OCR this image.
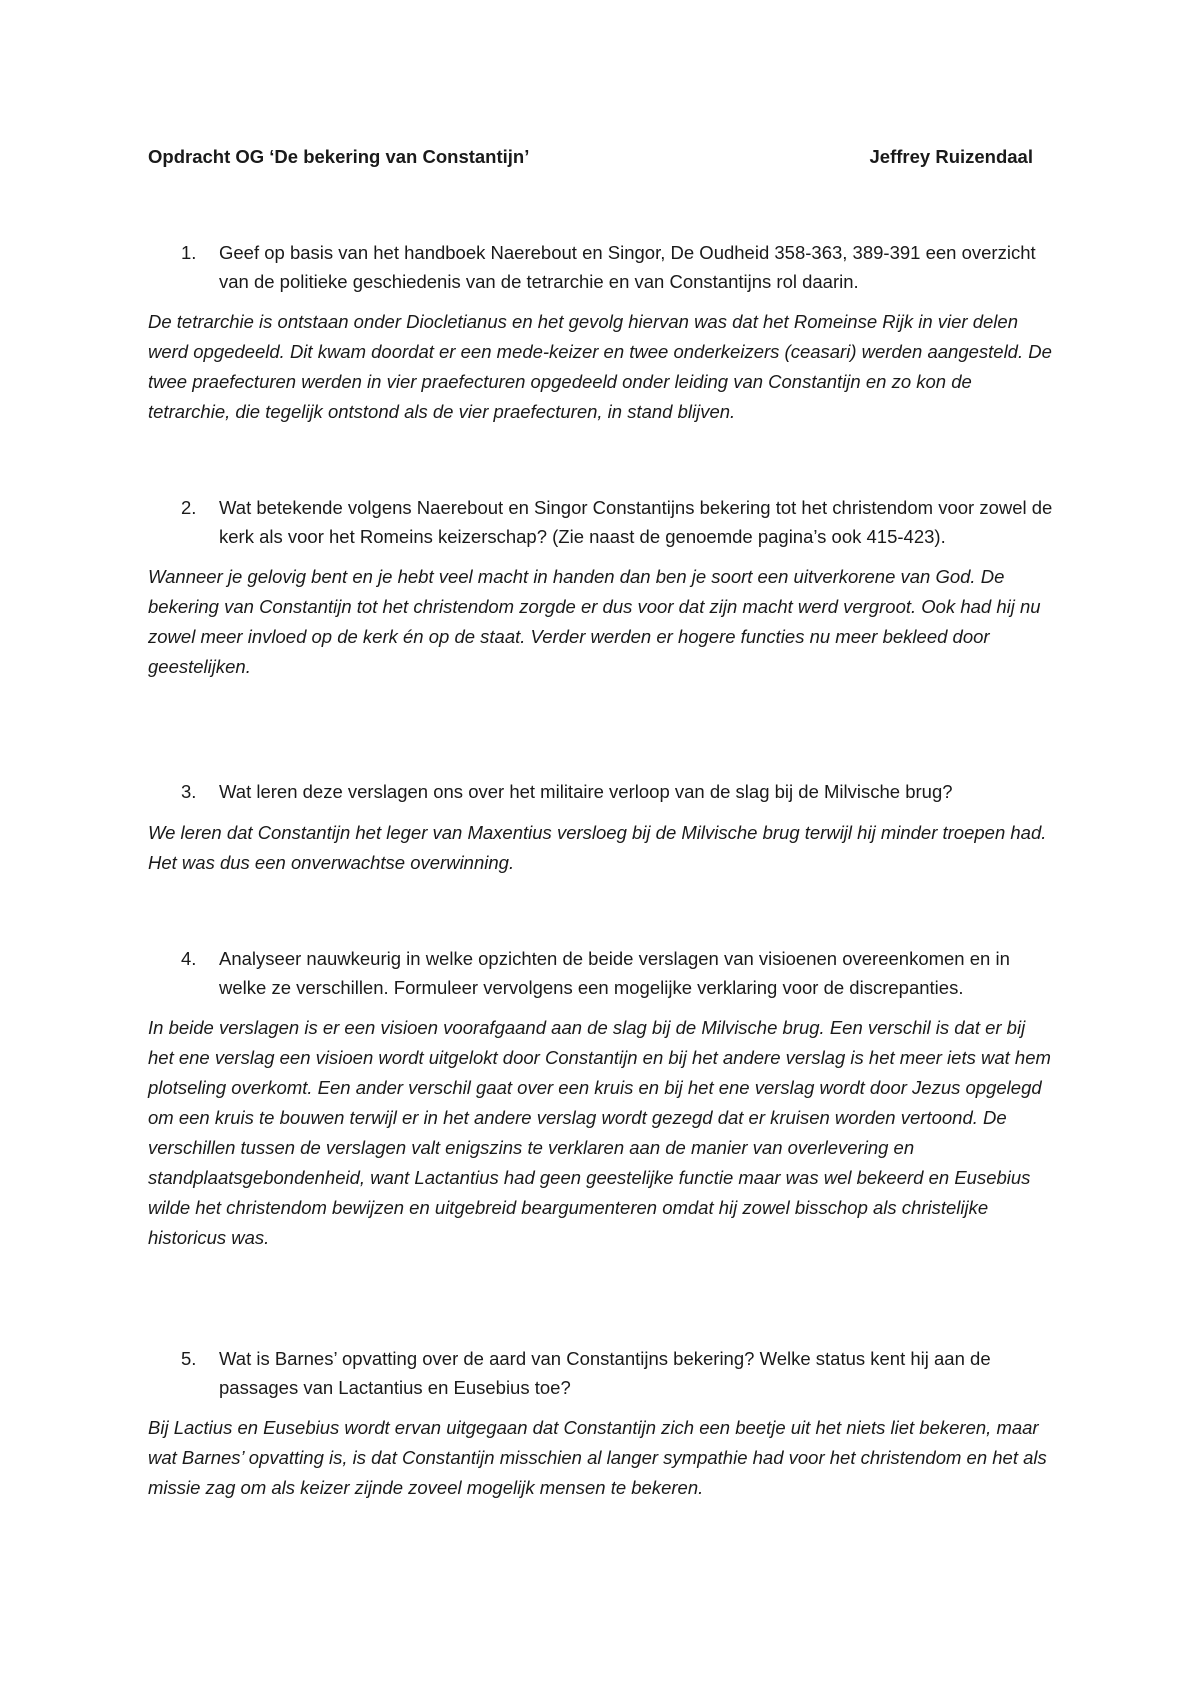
Opdracht OG ‘De bekering van Constantijn’	Jeffrey Ruizendaal
1. Geef op basis van het handboek Naerebout en Singor, De Oudheid 358-363, 389-391 een overzicht van de politieke geschiedenis van de tetrarchie en van Constantijns rol daarin.
De tetrarchie is ontstaan onder Diocletianus en het gevolg hiervan was dat het Romeinse Rijk in vier delen werd opgedeeld. Dit kwam doordat er een mede-keizer en twee onderkeizers (ceasari) werden aangesteld. De twee praefecturen werden in vier praefecturen opgedeeld onder leiding van Constantijn en zo kon de tetrarchie, die tegelijk ontstond als de vier praefecturen, in stand blijven.
2. Wat betekende volgens Naerebout en Singor Constantijns bekering tot het christendom voor zowel de kerk als voor het Romeins keizerschap? (Zie naast de genoemde pagina’s ook 415-423).
Wanneer je gelovig bent en je hebt veel macht in handen dan ben je soort een uitverkorene van God. De bekering van Constantijn tot het christendom zorgde er dus voor dat zijn macht werd vergroot. Ook had hij nu zowel meer invloed op de kerk én op de staat. Verder werden er hogere functies nu meer bekleed door geestelijken.
3. Wat leren deze verslagen ons over het militaire verloop van de slag bij de Milvische brug?
We leren dat Constantijn het leger van Maxentius versloeg bij de Milvische brug terwijl hij minder troepen had. Het was dus een onverwachtse overwinning.
4. Analyseer nauwkeurig in welke opzichten de beide verslagen van visioenen overeenkomen en in welke ze verschillen. Formuleer vervolgens een mogelijke verklaring voor de discrepanties.
In beide verslagen is er een visioen voorafgaand aan de slag bij de Milvische brug. Een verschil is dat er bij het ene verslag een visioen wordt uitgelokt door Constantijn en bij het andere verslag is het meer iets wat hem plotseling overkomt. Een ander verschil gaat over een kruis en bij het ene verslag wordt door Jezus opgelegd om een kruis te bouwen terwijl er in het andere verslag wordt gezegd dat er kruisen worden vertoond. De verschillen tussen de verslagen valt enigszins te verklaren aan de manier van overlevering en standplaatsgebondenheid, want Lactantius had geen geestelijke functie maar was wel bekeerd en Eusebius wilde het christendom bewijzen en uitgebreid beargumenteren omdat hij zowel bisschop als christelijke historicus was.
5. Wat is Barnes’ opvatting over de aard van Constantijns bekering? Welke status kent hij aan de passages van Lactantius en Eusebius toe?
Bij Lactius en Eusebius wordt ervan uitgegaan dat Constantijn zich een beetje uit het niets liet bekeren, maar wat Barnes’ opvatting is, is dat Constantijn misschien al langer sympathie had voor het christendom en het als missie zag om als keizer zijnde zoveel mogelijk mensen te bekeren.
